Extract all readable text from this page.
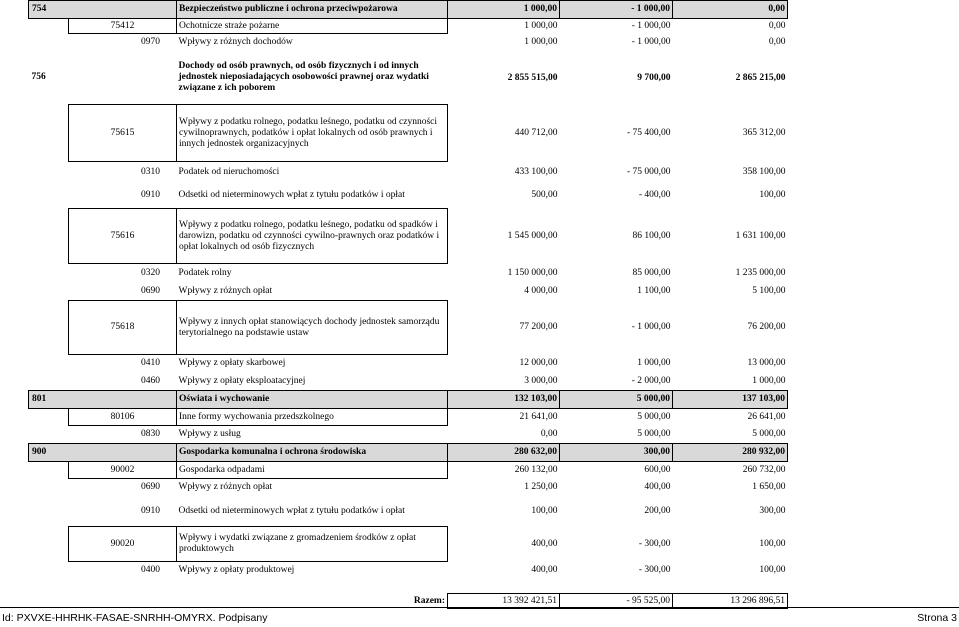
754			Bezpieczeństwo publiczne i ochrona przeciwpożarowa	1 000,00	- 1 000,00	0,00
	75412		Ochotnicze straże pożarne	1 000,00	- 1 000,00	0,00
		0970	Wpływy z różnych dochodów	1 000,00	- 1 000,00	0,00
756			Dochody od osób prawnych, od osób fizycznych i od innych jednostek nieposiadających osobowości prawnej oraz wydatki związane z ich poborem	2 855 515,00	9 700,00	2 865 215,00
	75615		Wpływy z podatku rolnego, podatku leśnego, podatku od czynności cywilnoprawnych, podatków i opłat lokalnych od osób prawnych i innych jednostek organizacyjnych	440 712,00	- 75 400,00	365 312,00
		0310	Podatek od nieruchomości	433 100,00	- 75 000,00	358 100,00
		0910	Odsetki od nieterminowych wpłat z tytułu podatków i opłat	500,00	- 400,00	100,00
	75616		Wpływy z podatku rolnego, podatku leśnego, podatku od spadków i darowizn, podatku od czynności cywilno-prawnych oraz podatków i opłat lokalnych od osób fizycznych	1 545 000,00	86 100,00	1 631 100,00
		0320	Podatek rolny	1 150 000,00	85 000,00	1 235 000,00
		0690	Wpływy z różnych opłat	4 000,00	1 100,00	5 100,00
	75618		Wpływy z innych opłat stanowiących dochody jednostek samorządu terytorialnego na podstawie ustaw	77 200,00	- 1 000,00	76 200,00
		0410	Wpływy z opłaty skarbowej	12 000,00	1 000,00	13 000,00
		0460	Wpływy z opłaty eksploatacyjnej	3 000,00	- 2 000,00	1 000,00
801			Oświata i wychowanie	132 103,00	5 000,00	137 103,00
	80106		Inne formy wychowania przedszkolnego	21 641,00	5 000,00	26 641,00
		0830	Wpływy z usług	0,00	5 000,00	5 000,00
900			Gospodarka komunalna i ochrona środowiska	280 632,00	300,00	280 932,00
	90002		Gospodarka odpadami	260 132,00	600,00	260 732,00
		0690	Wpływy z różnych opłat	1 250,00	400,00	1 650,00
		0910	Odsetki od nieterminowych wpłat z tytułu podatków i opłat	100,00	200,00	300,00
	90020		Wpływy i wydatki związane z gromadzeniem środków z opłat produktowych	400,00	- 300,00	100,00
		0400	Wpływy z opłaty produktowej	400,00	- 300,00	100,00

Razem:				13 392 421,51	- 95 525,00	13 296 896,51
Id: PXVXE-HHRHK-FASAE-SNRHH-OMYRX. Podpisany	Strona 3
